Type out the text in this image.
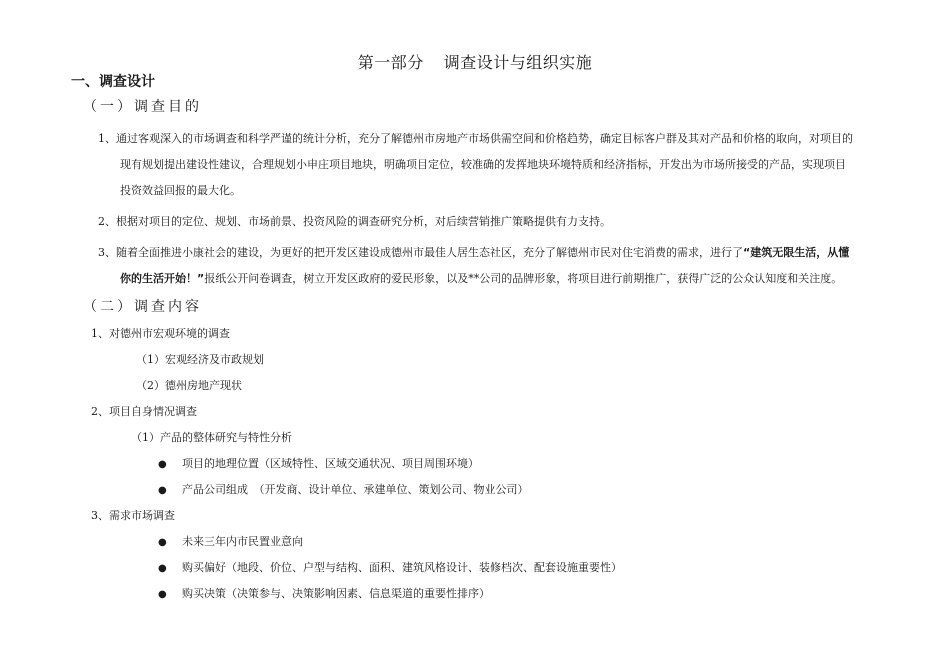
第一部分 调查设计与组织实施
一、调查设计
（一）调查目的
1、通过客观深入的市场调查和科学严谨的统计分析，充分了解德州市房地产市场供需空间和价格趋势，确定目标客户群及其对产品和价格的取向，对项目的
现有规划提出建设性建议，合理规划小申庄项目地块，明确项目定位，较准确的发挥地块环境特质和经济指标，开发出为市场所接受的产品，实现项目
投资效益回报的最大化。
2、根据对项目的定位、规划、市场前景、投资风险的调查研究分析，对后续营销推广策略提供有力支持。
3、随着全面推进小康社会的建设，为更好的把开发区建设成德州市最佳人居生态社区，充分了解德州市民对住宅消费的需求，进行了“建筑无限生活，从懂
你的生活开始！”报纸公开问卷调查，树立开发区政府的爱民形象，以及**公司的品牌形象，将项目进行前期推广，获得广泛的公众认知度和关注度。
（二）调查内容
1、对德州市宏观环境的调查
（1）宏观经济及市政规划
（2）德州房地产现状
2、项目自身情况调查
（1）产品的整体研究与特性分析
● 项目的地理位置（区域特性、区域交通状况、项目周围环境）
● 产品公司组成　（开发商、设计单位、承建单位、策划公司、物业公司）
3、需求市场调查
● 未来三年内市民置业意向
● 购买偏好（地段、价位、户型与结构、面积、建筑风格设计、装修档次、配套设施重要性）
● 购买决策（决策参与、决策影响因素、信息渠道的重要性排序）
